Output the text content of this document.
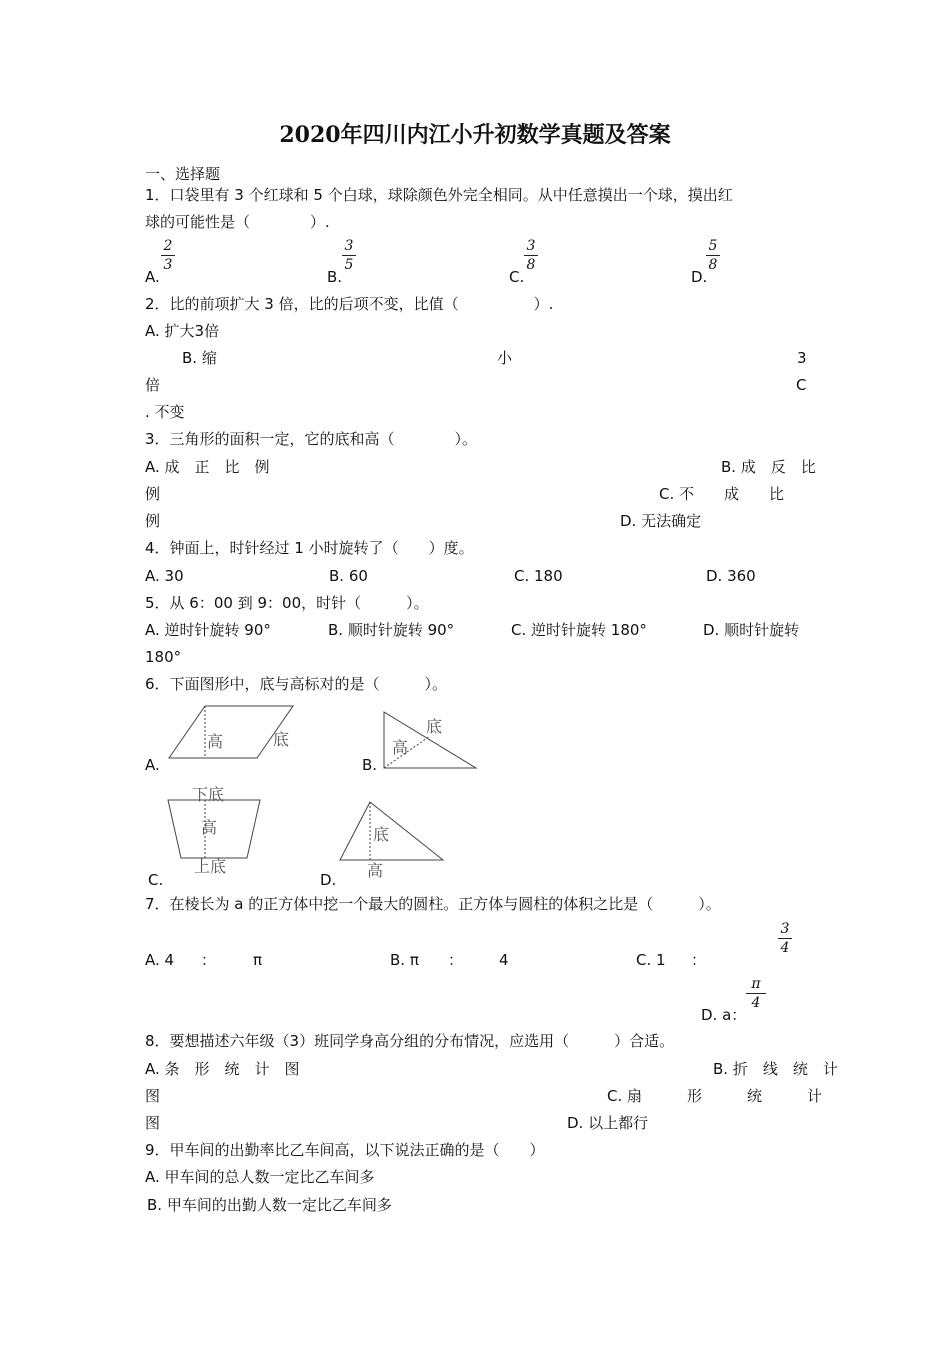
2020年四川内江小升初数学真题及答案
一、选择题
1．口袋里有 3 个红球和 5 个白球，球除颜色外完全相同。从中任意摸出一个球，摸出红
球的可能性是（　　　　）.
A.
2
3
B.
3
5
C.
3
8
D.
5
8
2．比的前项扩大 3 倍，比的后项不变，比值（　　　　　）.
A. 扩大3倍
B. 缩	小	3
倍	C
. 不变
3．三角形的面积一定，它的底和高（　　　　）。
A. 成　正　比　例	B. 成　反　比
例	C. 不　　成　　比
例	D. 无法确定
4．钟面上，时针经过 1 小时旋转了（　　）度。
A. 30	B. 60	C. 180	D. 360
5．从 6：00 到 9：00，时针（　　　）。
A. 逆时针旋转 90°	B. 顺时针旋转 90°	C. 逆时针旋转 180°	D. 顺时针旋转
180°
6．下面图形中，底与高标对的是（　　　）。
A.
高	底
B.
高
底
C.
下底
高
上底
D.
底
高
7．在棱长为 a 的正方体中挖一个最大的圆柱。正方体与圆柱的体积之比是（　　　）。
A. 4 ： π	B. π ： 4	C. 1 ：
3
4
D. a：
π
4
8．要想描述六年级（3）班同学身高分组的分布情况，应选用（　　　）合适。
A. 条　形　统　计　图	B. 折　线　统　计
图	C. 扇　　　形　　　统　　　计
图	D. 以上都行
9．甲车间的出勤率比乙车间高，以下说法正确的是（　　）
A. 甲车间的总人数一定比乙车间多
B. 甲车间的出勤人数一定比乙车间多
